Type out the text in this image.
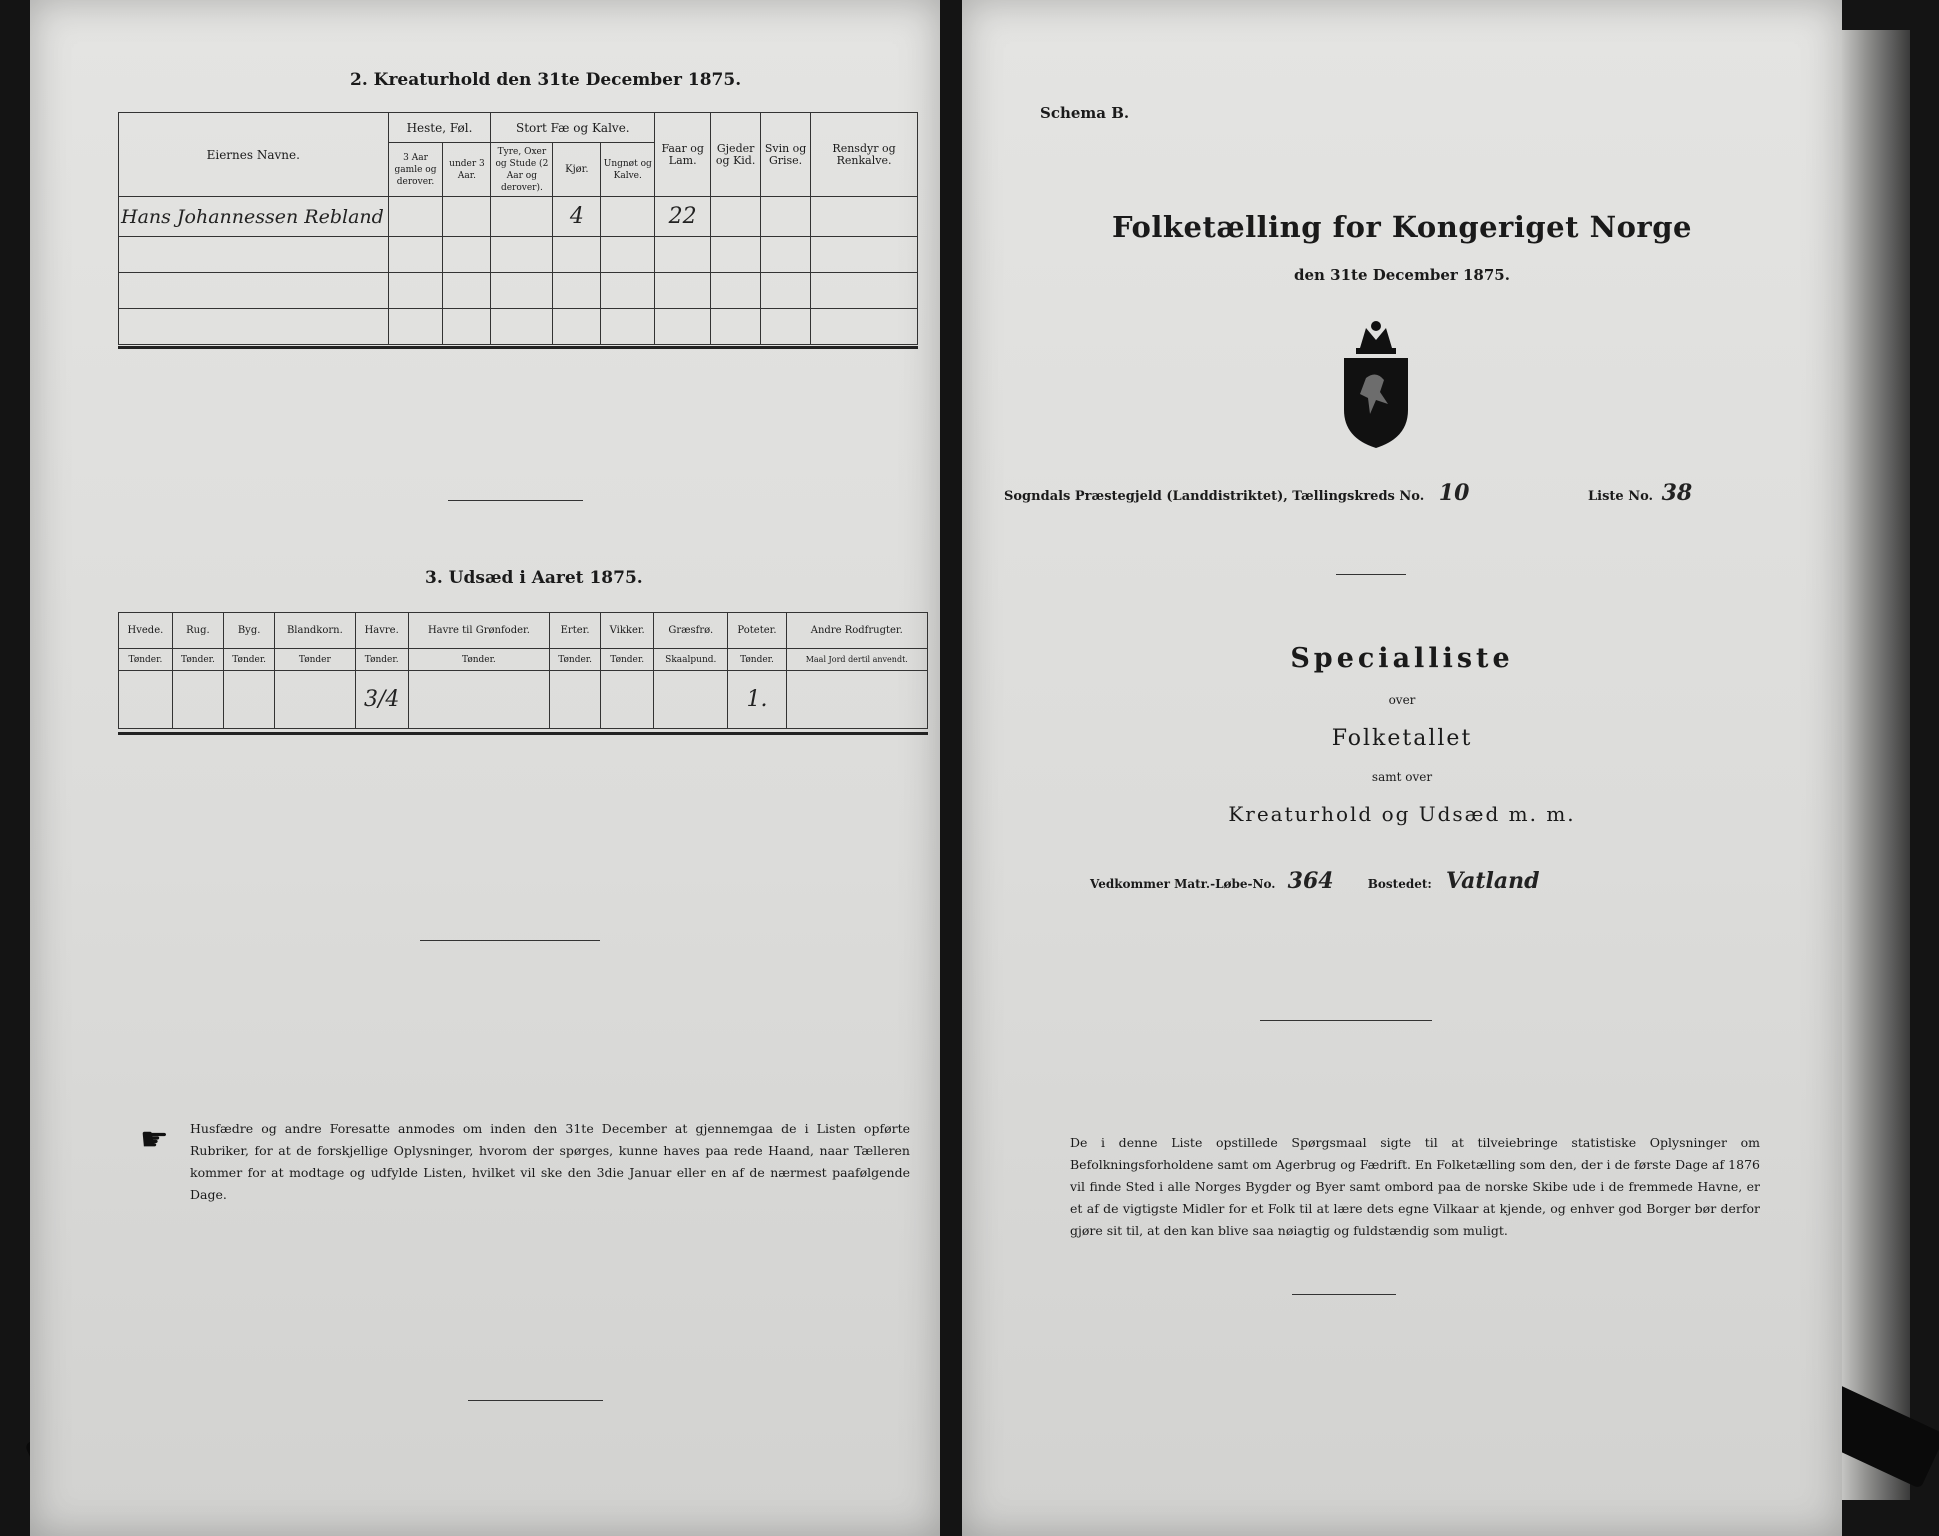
2. Kreaturhold den 31te December 1875.
Eiernes Navne.	Heste, Føl.		Stort Fæ og Kalve.			Faar og Lam.	Gjeder og Kid.	Svin og Grise.	Rensdyr og Renkalve.
	3 Aar gamle og derover.	under 3 Aar.	Tyre, Oxer og Stude (2 Aar og derover).	Kjør.	Ungnøt og Kalve.				
Hans Johannessen Rebland				4		22			

3. Udsæd i Aaret 1875.
Hvede.	Rug.	Byg.	Blandkorn.	Havre.	Havre til Grønfoder.	Erter.	Vikker.	Græsfrø.	Poteter.	Andre Rodfrugter.
Tønder.	Tønder.	Tønder.	Tønder	Tønder.	Tønder.	Tønder.	Tønder.	Skaalpund.	Tønder.	Maal Jord dertil anvendt.
				3/4					1.	
☛ Husfædre og andre Foresatte anmodes om inden den 31te December at gjennemgaa de i Listen opførte Rubriker, for at de forskjellige Oplysninger, hvorom der spørges, kunne haves paa rede Haand, naar Tælleren kommer for at modtage og udfylde Listen, hvilket vil ske den 3die Januar eller en af de nærmest paafølgende Dage.
Schema B.
Folketælling for Kongeriget Norge
den 31te December 1875.
Sogndals Præstegjeld (Landdistriktet), Tællingskreds No. 10	Liste No. 38
Specialliste
over
Folketallet
samt over
Kreaturhold og Udsæd m. m.
Vedkommer Matr.-Løbe-No. 364	Bostedet: Vatland
De i denne Liste opstillede Spørgsmaal sigte til at tilveiebringe statistiske Oplysninger om Befolkningsforholdene samt om Agerbrug og Fædrift. En Folketælling som den, der i de første Dage af 1876 vil finde Sted i alle Norges Bygder og Byer samt ombord paa de norske Skibe ude i de fremmede Havne, er et af de vigtigste Midler for et Folk til at lære dets egne Vilkaar at kjende, og enhver god Borger bør derfor gjøre sit til, at den kan blive saa nøiagtig og fuldstændig som muligt.
